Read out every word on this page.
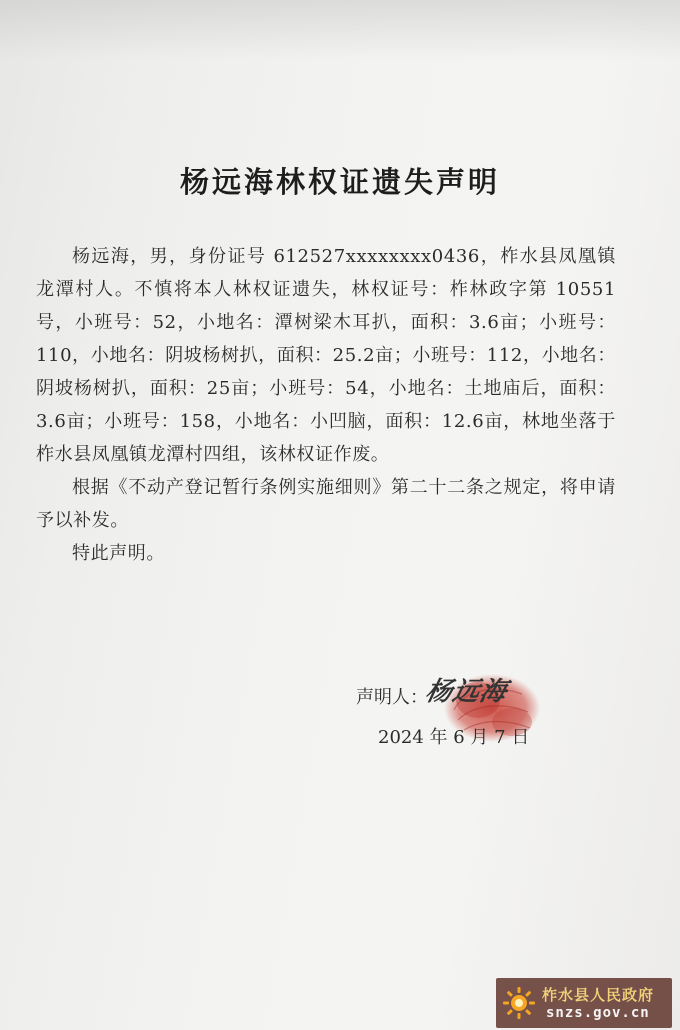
杨远海林权证遗失声明

杨远海，男，身份证号 612527xxxxxxxx0436，柞水县凤凰镇龙潭村人。不慎将本人林权证遗失，林权证号：柞林政字第 10551 号，小班号：52，小地名：潭树梁木耳扒，面积：3.6亩；小班号：110，小地名：阴坡杨树扒，面积：25.2亩；小班号：112，小地名：阴坡杨树扒，面积：25亩；小班号：54，小地名：土地庙后，面积：3.6亩；小班号：158，小地名：小凹脑，面积：12.6亩，林地坐落于柞水县凤凰镇龙潭村四组，该林权证作废。

根据《不动产登记暂行条例实施细则》第二十二条之规定，将申请予以补发。

特此声明。

声明人：
杨远海
2024 年 6 月 7 日
柞水县人民政府
snzs.gov.cn
